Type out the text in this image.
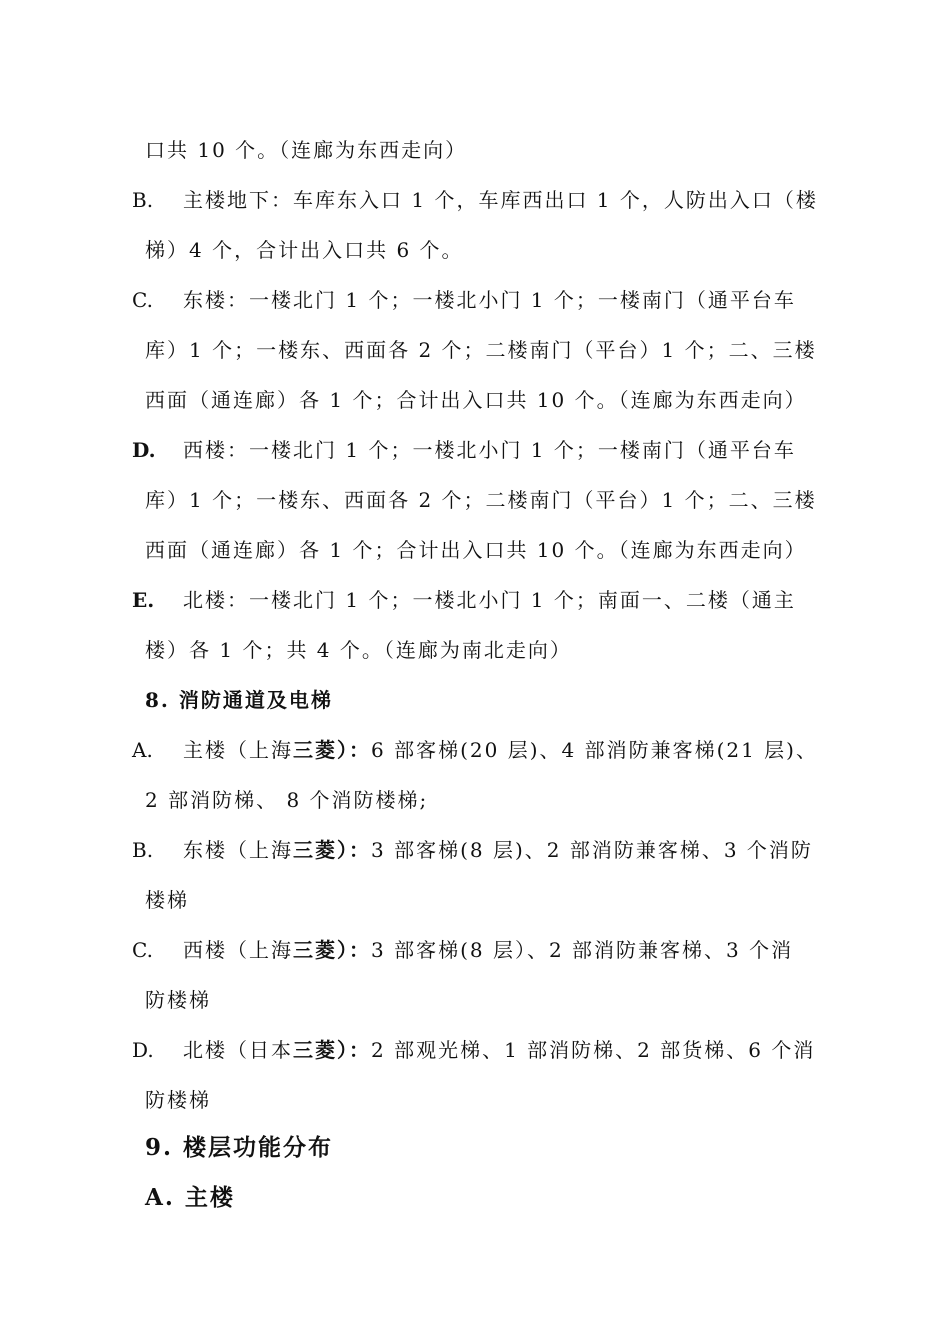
口共 10 个。（连廊为东西走向）
B. 主楼地下：车库东入口 1 个，车库西出口 1 个，人防出入口（楼
梯）4 个，合计出入口共 6 个。
C. 东楼：一楼北门 1 个；一楼北小门 1 个；一楼南门（通平台车
库）1 个；一楼东、西面各 2 个；二楼南门（平台）1 个；二、三楼
西面（通连廊）各 1 个；合计出入口共 10 个。（连廊为东西走向）
D. 西楼：一楼北门 1 个；一楼北小门 1 个；一楼南门（通平台车
库）1 个；一楼东、西面各 2 个；二楼南门（平台）1 个；二、三楼
西面（通连廊）各 1 个；合计出入口共 10 个。（连廊为东西走向）
E. 北楼：一楼北门 1 个；一楼北小门 1 个；南面一、二楼（通主
楼）各 1 个；共 4 个。（连廊为南北走向）
8. 消防通道及电梯
A. 主楼（上海三菱）：6 部客梯(20 层)、4 部消防兼客梯(21 层)、
2 部消防梯、 8 个消防楼梯;
B. 东楼（上海三菱）：3 部客梯(8 层)、2 部消防兼客梯、3 个消防
楼梯
C. 西楼（上海三菱）：3 部客梯(8 层）、2 部消防兼客梯、3 个消
防楼梯
D. 北楼（日本三菱）：2 部观光梯、1 部消防梯、2 部货梯、6 个消
防楼梯
9. 楼层功能分布
A. 主楼
